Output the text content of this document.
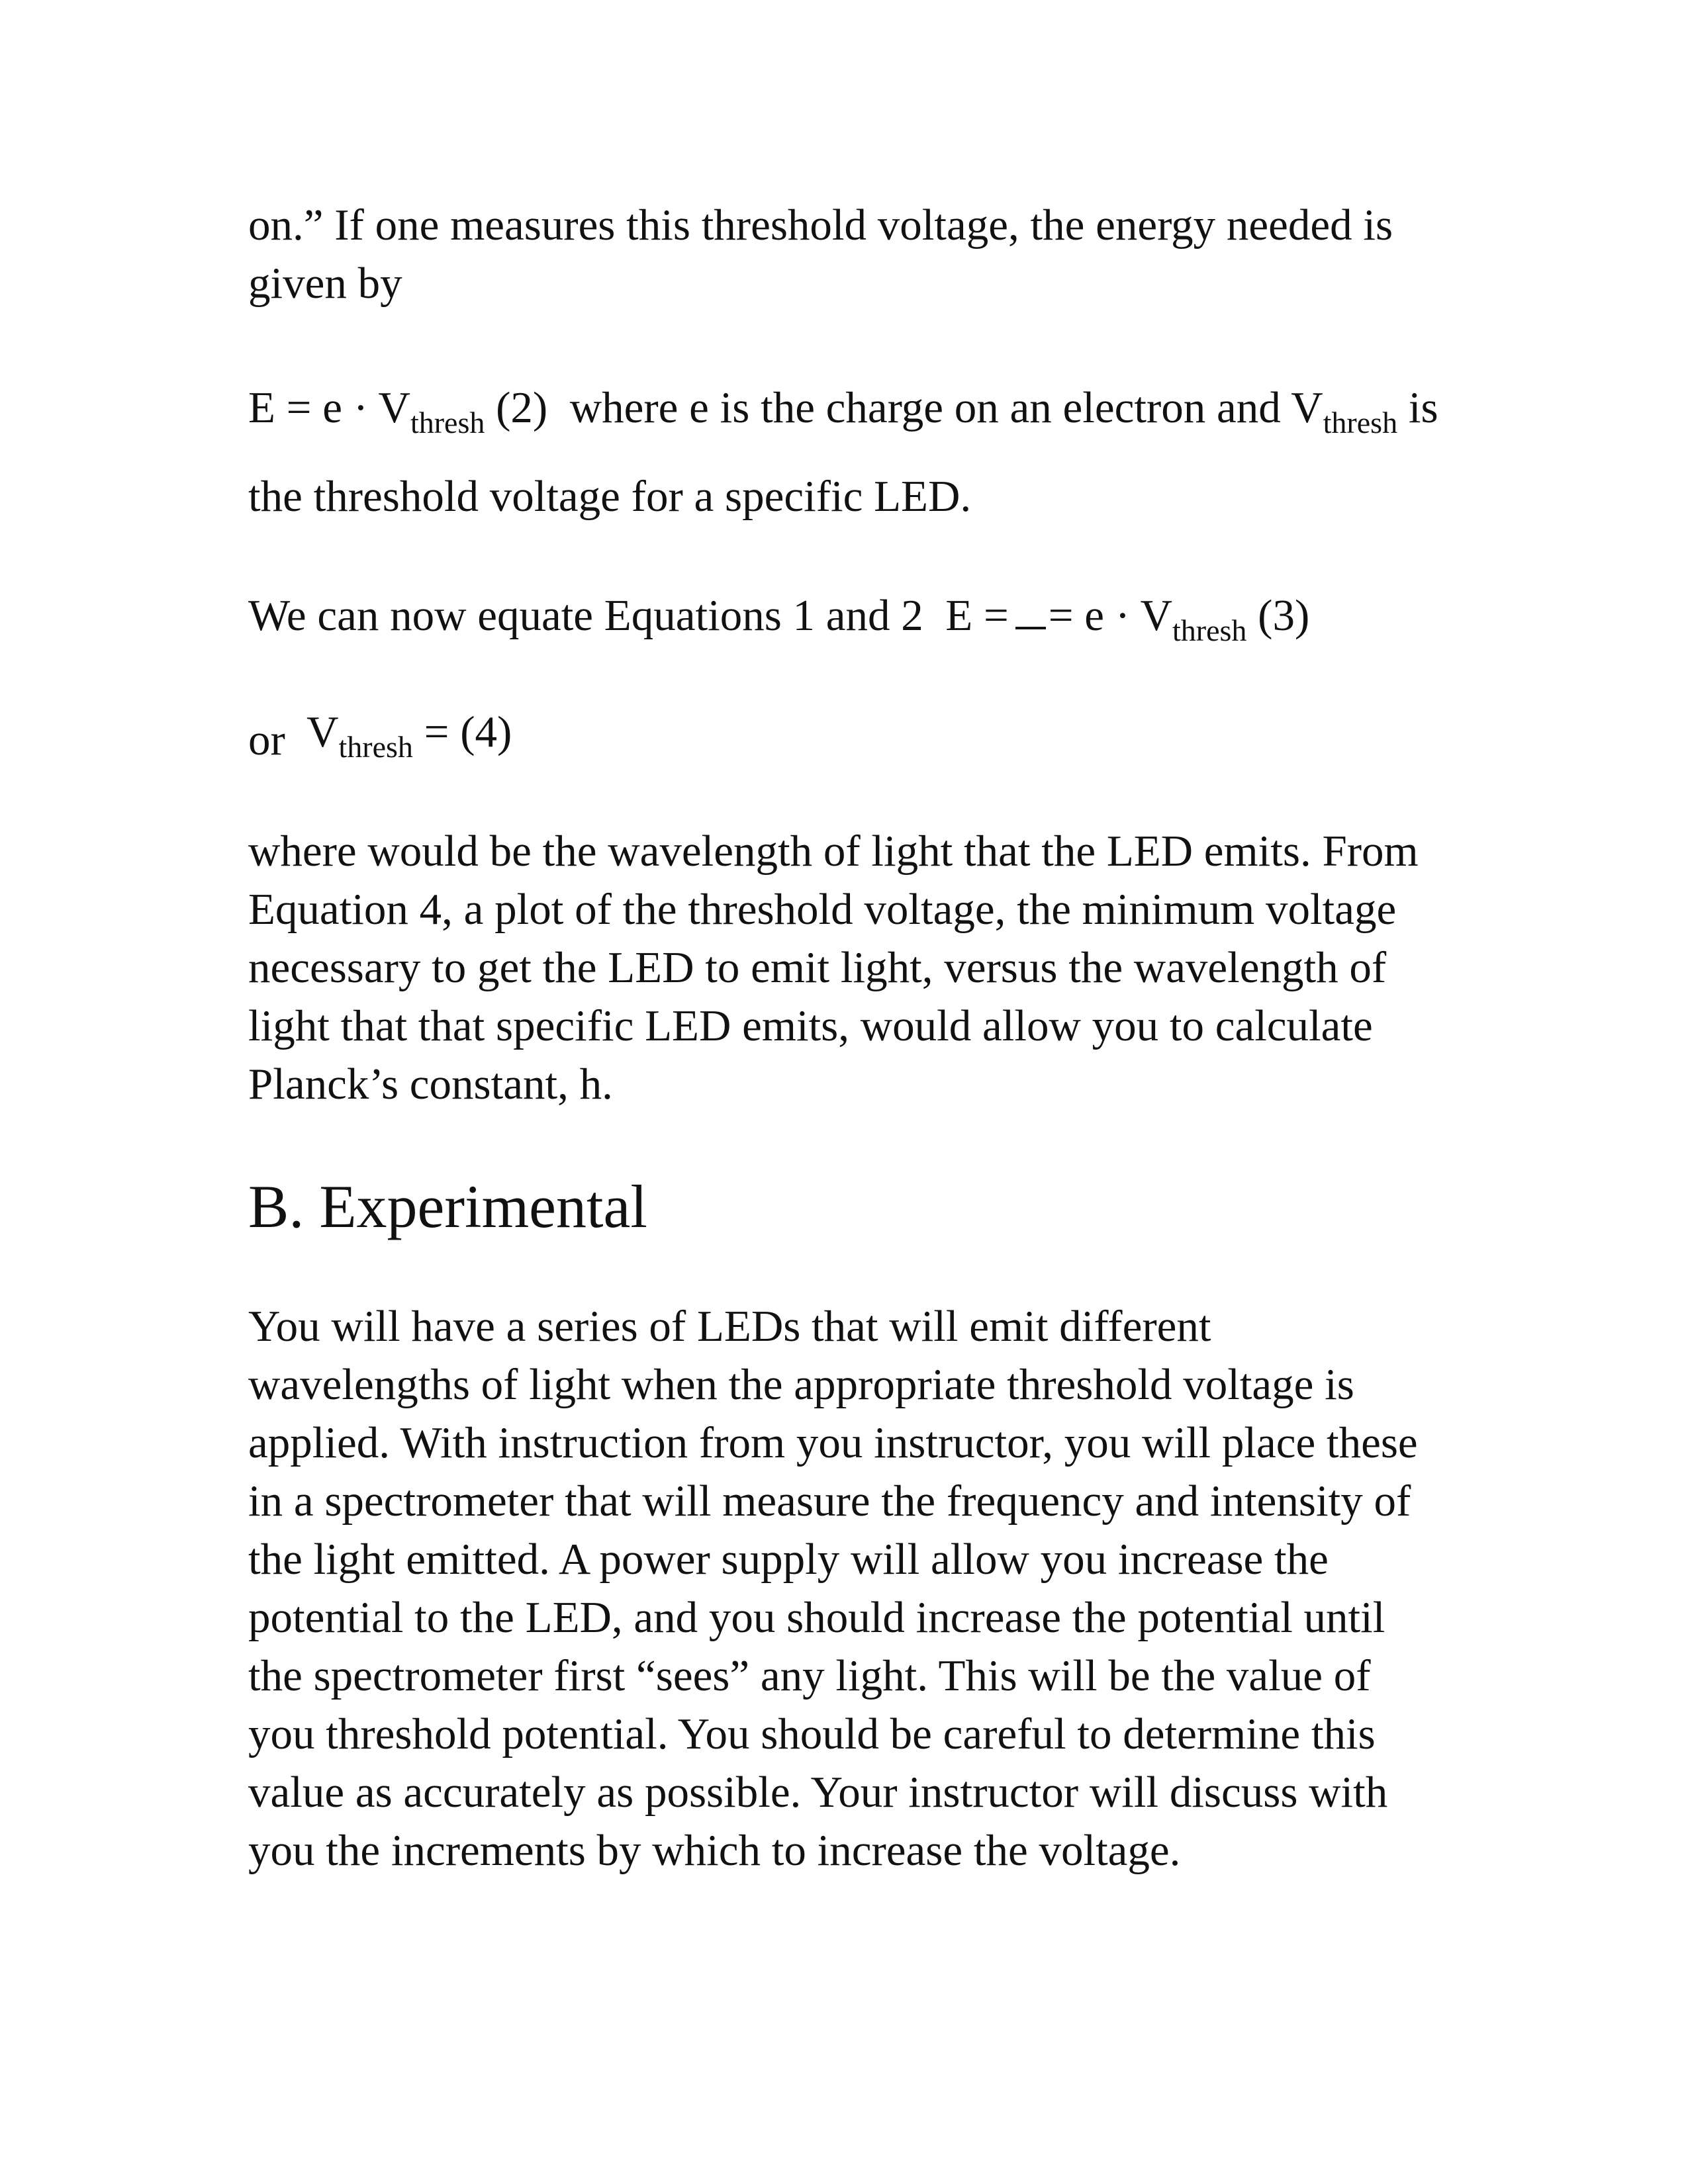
on.” If one measures this threshold voltage, the energy needed is
given by

$E = e \cdot V_{thresh}$ (2) where e is the charge on an electron and $V_{thresh}$ is

the threshold voltage for a specific LED.

We can now equate Equations 1 and 2 E = = $e \cdot V_{thresh}$ (3)

or $V_{thresh} = (4)$

where would be the wavelength of light that the LED emits. From
Equation 4, a plot of the threshold voltage, the minimum voltage
necessary to get the LED to emit light, versus the wavelength of
light that that specific LED emits, would allow you to calculate
Planck’s constant, h.

B. Experimental

You will have a series of LEDs that will emit different
wavelengths of light when the appropriate threshold voltage is
applied. With instruction from you instructor, you will place these
in a spectrometer that will measure the frequency and intensity of
the light emitted. A power supply will allow you increase the
potential to the LED, and you should increase the potential until
the spectrometer first “sees” any light. This will be the value of
you threshold potential. You should be careful to determine this
value as accurately as possible. Your instructor will discuss with
you the increments by which to increase the voltage.
